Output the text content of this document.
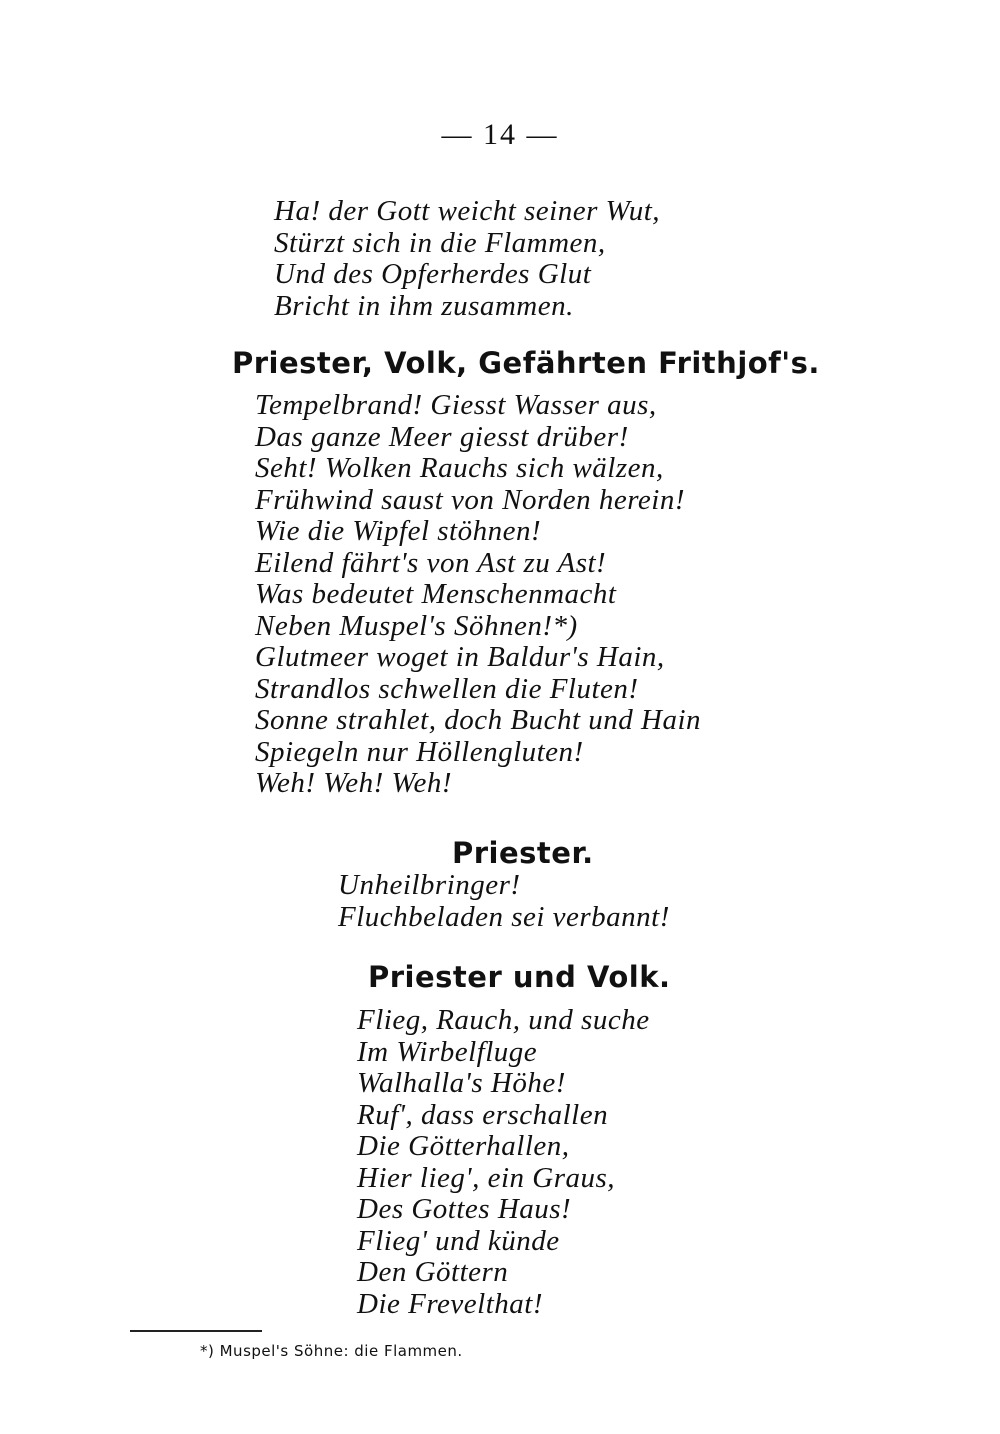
— 14 —
Ha! der Gott weicht seiner Wut,
Stürzt sich in die Flammen,
Und des Opferherdes Glut
Bricht in ihm zusammen.
Priester, Volk, Gefährten Frithjof's.
Tempelbrand! Giesst Wasser aus,
Das ganze Meer giesst drüber!
Seht! Wolken Rauchs sich wälzen,
Frühwind saust von Norden herein!
Wie die Wipfel stöhnen!
Eilend fährt's von Ast zu Ast!
Was bedeutet Menschenmacht
Neben Muspel's Söhnen!*)
Glutmeer woget in Baldur's Hain,
Strandlos schwellen die Fluten!
Sonne strahlet, doch Bucht und Hain
Spiegeln nur Höllengluten!
Weh! Weh! Weh!
Priester.
Unheilbringer!
Fluchbeladen sei verbannt!
Priester und Volk.
Flieg, Rauch, und suche
Im Wirbelfluge
Walhalla's Höhe!
Ruf', dass erschallen
Die Götterhallen,
Hier lieg', ein Graus,
Des Gottes Haus!
Flieg' und künde
Den Göttern
Die Frevelthat!
*) Muspel's Söhne: die Flammen.
